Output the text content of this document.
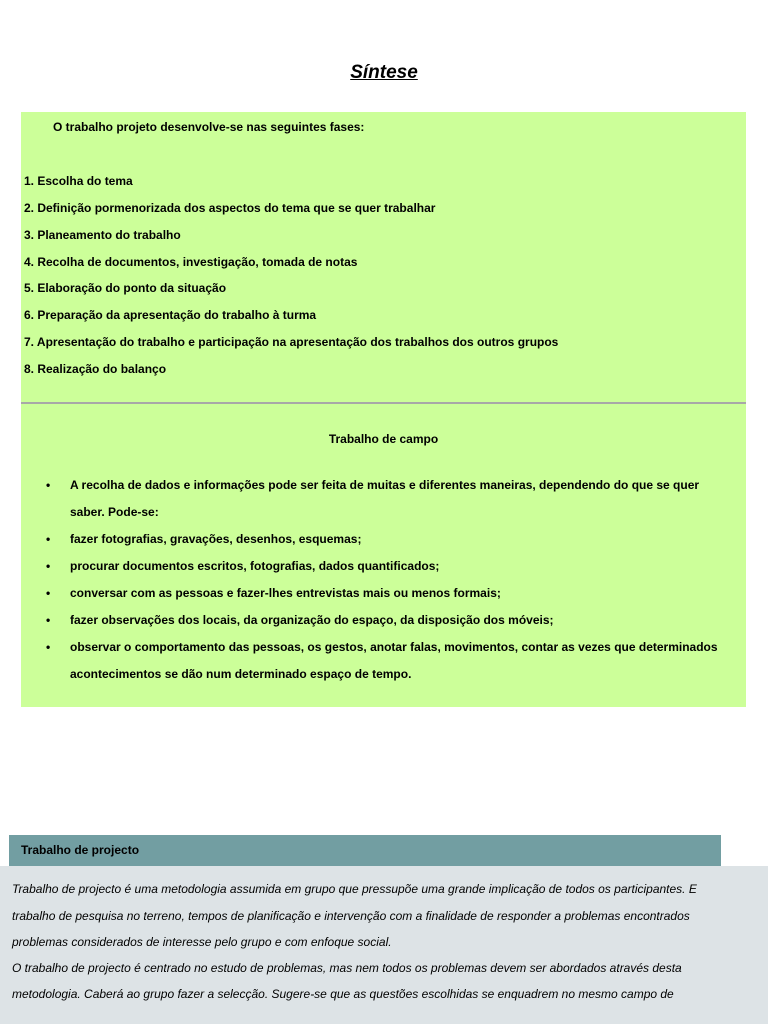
Síntese
O trabalho projeto desenvolve-se nas seguintes fases:
1. Escolha do tema
2. Definição pormenorizada dos aspectos do tema que se quer trabalhar
3. Planeamento do trabalho
4. Recolha de documentos, investigação, tomada de notas
5. Elaboração do ponto da situação
6. Preparação da apresentação do trabalho à turma
7. Apresentação do trabalho e participação na apresentação dos trabalhos dos outros grupos
8. Realização do balanço
Trabalho de campo
• A recolha de dados e informações pode ser feita de muitas e diferentes maneiras, dependendo do que se quer saber. Pode-se:
• fazer fotografias, gravações, desenhos, esquemas;
• procurar documentos escritos, fotografias, dados quantificados;
• conversar com as pessoas e fazer-lhes entrevistas mais ou menos formais;
• fazer observações dos locais, da organização do espaço, da disposição dos móveis;
• observar o comportamento das pessoas, os gestos, anotar falas, movimentos, contar as vezes que determinados acontecimentos se dão num determinado espaço de tempo.
Trabalho de projecto
Trabalho de projecto é uma metodologia assumida em grupo que pressupõe uma grande implicação de todos os participantes. E
trabalho de pesquisa no terreno, tempos de planificação e intervenção com a finalidade de responder a problemas encontrados
problemas considerados de interesse pelo grupo e com enfoque social.
O trabalho de projecto é centrado no estudo de problemas, mas nem todos os problemas devem ser abordados através desta
metodologia. Caberá ao grupo fazer a selecção. Sugere-se que as questões escolhidas se enquadrem no mesmo campo de
